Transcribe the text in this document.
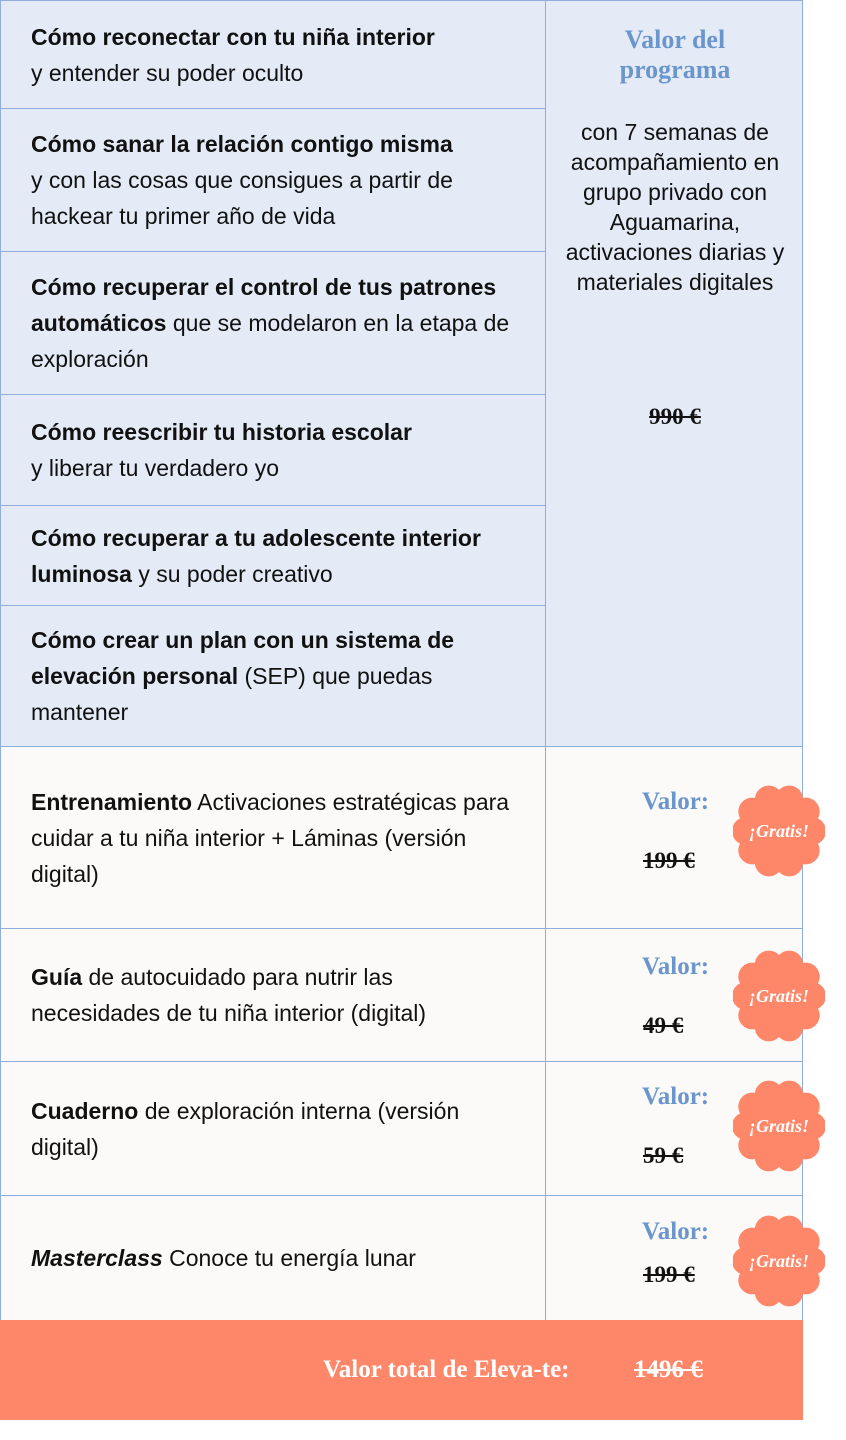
Cómo reconectar con tu niña interior
y entender su poder oculto
Cómo sanar la relación contigo misma
y con las cosas que consigues a partir de hackear tu primer año de vida
Cómo recuperar el control de tus patrones automáticos que se modelaron en la etapa de exploración
Cómo reescribir tu historia escolar
y liberar tu verdadero yo
Cómo recuperar a tu adolescente interior luminosa y su poder creativo
Cómo crear un plan con un sistema de elevación personal (SEP) que puedas mantener
Valor del programa
con 7 semanas de acompañamiento en grupo privado con Aguamarina, activaciones diarias y materiales digitales
990 €
Entrenamiento Activaciones estratégicas para cuidar a tu niña interior + Láminas (versión digital)
Valor:
199 €
¡Gratis!
Guía de autocuidado para nutrir las necesidades de tu niña interior (digital)
Valor:
49 €
¡Gratis!
Cuaderno de exploración interna (versión digital)
Valor:
59 €
¡Gratis!
Masterclass Conoce tu energía lunar
Valor:
199 €
¡Gratis!
Valor total de Eleva-te:	1496 €
